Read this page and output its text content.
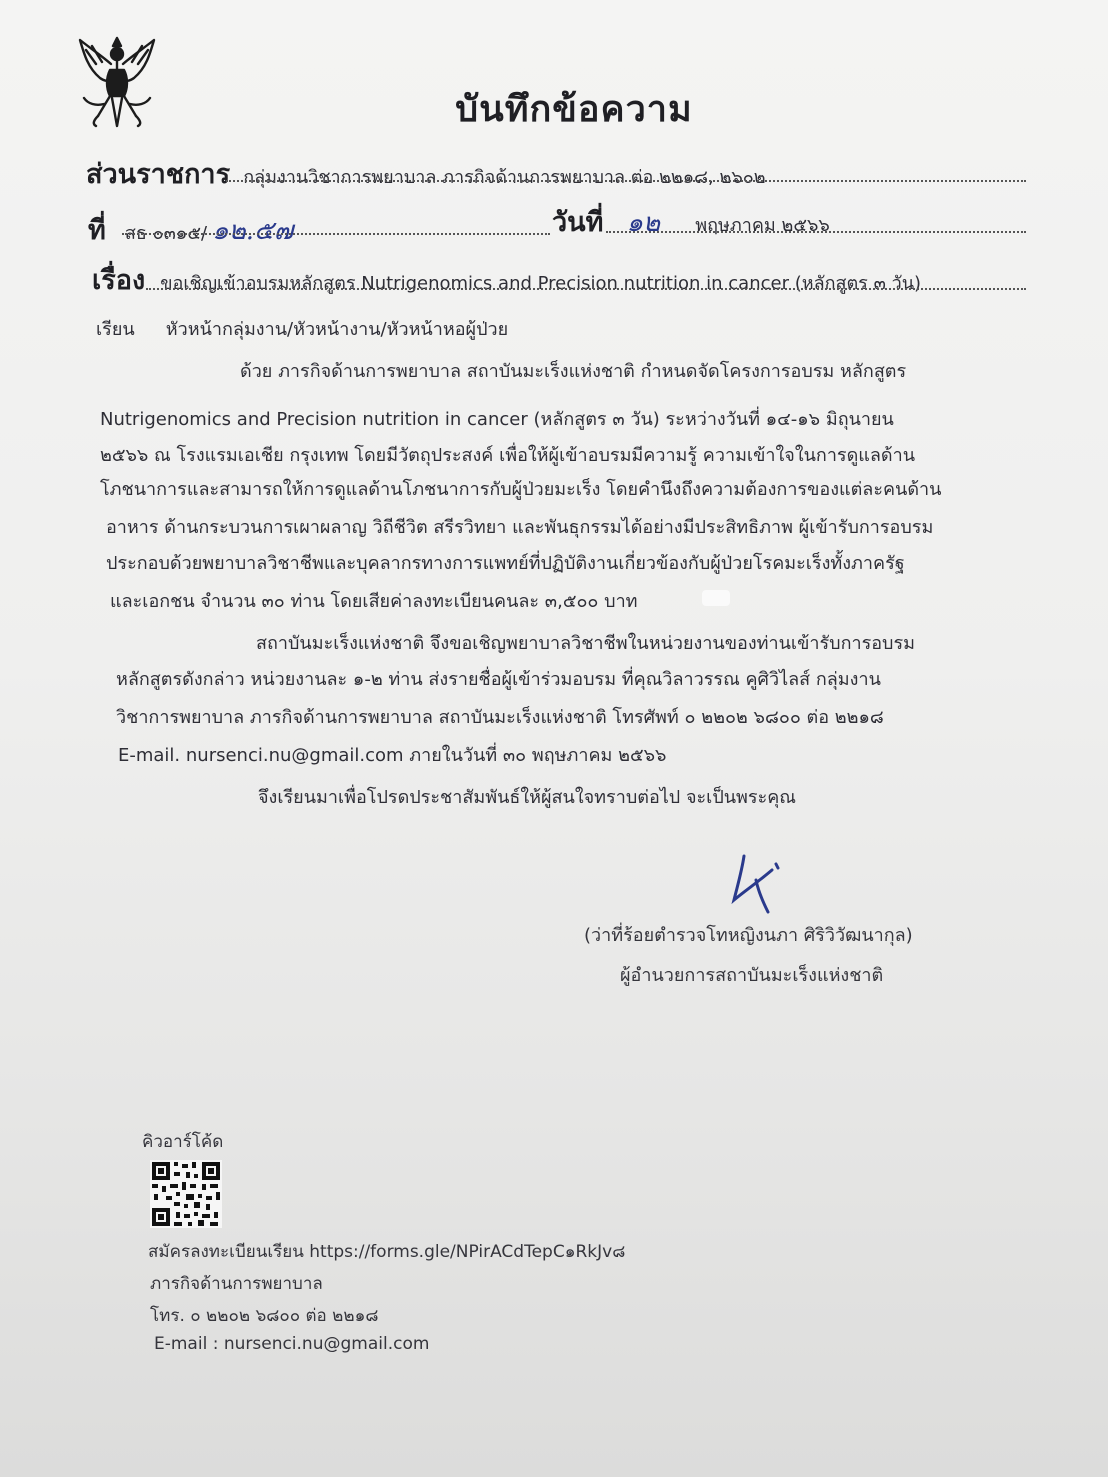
บันทึกข้อความ
ส่วนราชการ กลุ่มงานวิชาการพยาบาล ภารกิจด้านการพยาบาล ต่อ ๒๒๑๘, ๒๖๐๒
ที่ สธ ๐๓๑๕/ ๑๒.๕๗	วันที่ ๑๒ พฤษภาคม ๒๕๖๖
เรื่อง ขอเชิญเข้าอบรมหลักสูตร Nutrigenomics and Precision nutrition in cancer (หลักสูตร ๓ วัน)
เรียน หัวหน้ากลุ่มงาน/หัวหน้างาน/หัวหน้าหอผู้ป่วย
ด้วย ภารกิจด้านการพยาบาล สถาบันมะเร็งแห่งชาติ กำหนดจัดโครงการอบรม หลักสูตร
Nutrigenomics and Precision nutrition in cancer (หลักสูตร ๓ วัน) ระหว่างวันที่ ๑๔-๑๖ มิถุนายน
๒๕๖๖ ณ โรงแรมเอเชีย กรุงเทพ โดยมีวัตถุประสงค์ เพื่อให้ผู้เข้าอบรมมีความรู้ ความเข้าใจในการดูแลด้าน
โภชนาการและสามารถให้การดูแลด้านโภชนาการกับผู้ป่วยมะเร็ง โดยคำนึงถึงความต้องการของแต่ละคนด้าน
อาหาร ด้านกระบวนการเผาผลาญ วิถีชีวิต สรีรวิทยา และพันธุกรรมได้อย่างมีประสิทธิภาพ ผู้เข้ารับการอบรม
ประกอบด้วยพยาบาลวิชาชีพและบุคลากรทางการแพทย์ที่ปฏิบัติงานเกี่ยวข้องกับผู้ป่วยโรคมะเร็งทั้งภาครัฐ
และเอกชน จำนวน ๓๐ ท่าน โดยเสียค่าลงทะเบียนคนละ ๓,๕๐๐ บาท
สถาบันมะเร็งแห่งชาติ จึงขอเชิญพยาบาลวิชาชีพในหน่วยงานของท่านเข้ารับการอบรม
หลักสูตรดังกล่าว หน่วยงานละ ๑-๒ ท่าน ส่งรายชื่อผู้เข้าร่วมอบรม ที่คุณวิลาวรรณ คูศิวิไลส์ กลุ่มงาน
วิชาการพยาบาล ภารกิจด้านการพยาบาล สถาบันมะเร็งแห่งชาติ โทรศัพท์ ๐ ๒๒๐๒ ๖๘๐๐ ต่อ ๒๒๑๘
E-mail. nursenci.nu@gmail.com ภายในวันที่ ๓๐ พฤษภาคม ๒๕๖๖
จึงเรียนมาเพื่อโปรดประชาสัมพันธ์ให้ผู้สนใจทราบต่อไป จะเป็นพระคุณ
(ว่าที่ร้อยตำรวจโทหญิงนภา ศิริวิวัฒนากุล)
ผู้อำนวยการสถาบันมะเร็งแห่งชาติ
คิวอาร์โค้ด
สมัครลงทะเบียนเรียน https://forms.gle/NPirACdTepC๑RkJv๘
ภารกิจด้านการพยาบาล
โทร. ๐ ๒๒๐๒ ๖๘๐๐ ต่อ ๒๒๑๘
E-mail : nursenci.nu@gmail.com
